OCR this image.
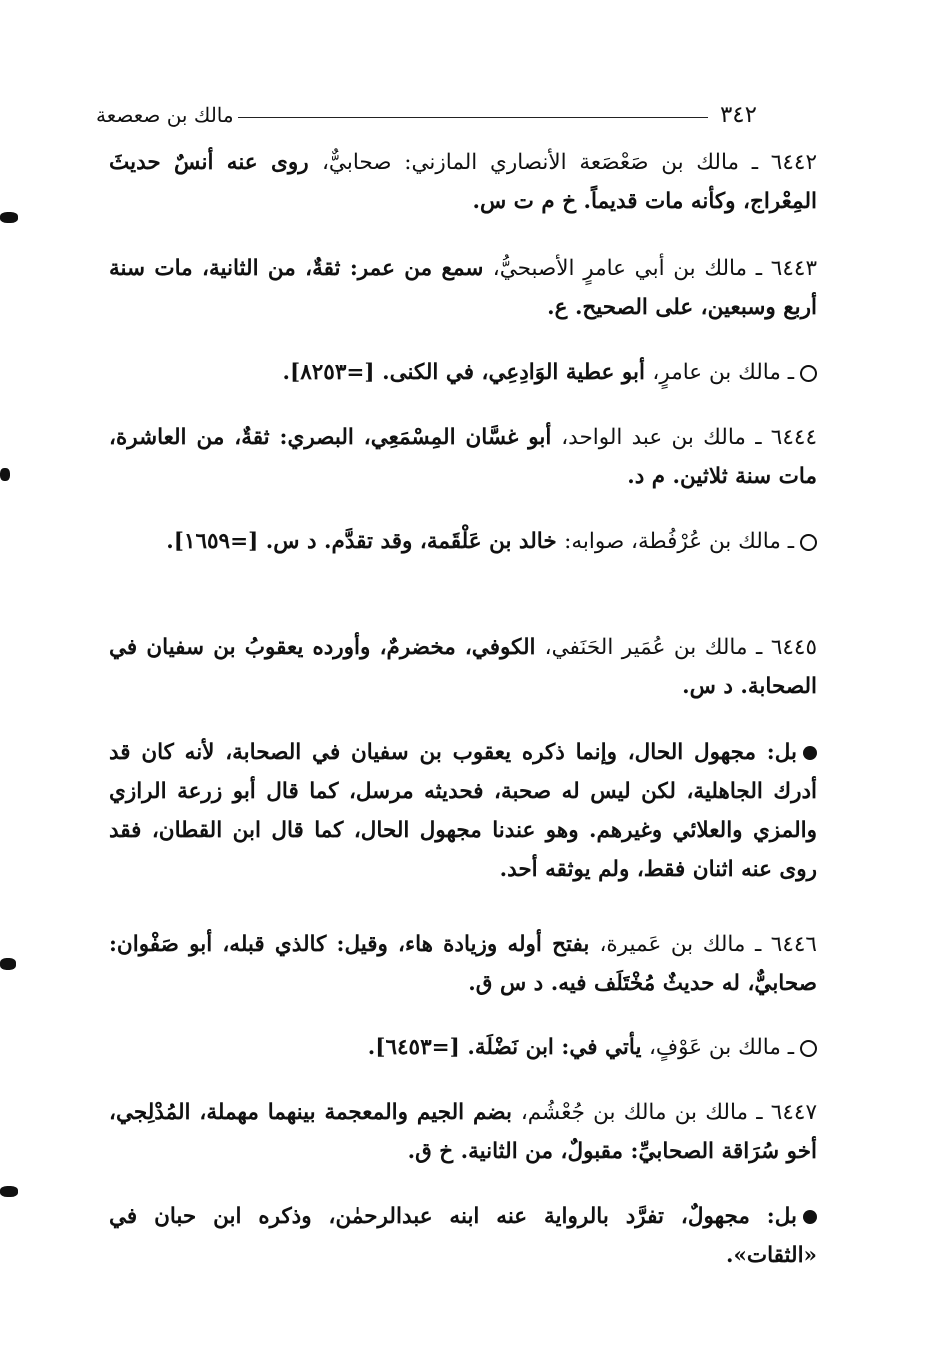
٣٤٢
مالك بن صعصعة
٦٤٤٢ ـ مالك بن صَعْصَعة الأنصاري المازني: صحابيٌّ، روى عنه أنسٌ حديثَ المِعْراج، وكأنه مات قديماً. خ م ت س.
٦٤٤٣ ـ مالك بن أبي عامرٍ الأصبحيُّ، سمع من عمر: ثقةٌ، من الثانية، مات سنة أربع وسبعين، على الصحيح. ع.
ـ مالك بن عامرٍ، أبو عطية الوَادِعِي، في الكنى. [=٨٢٥٣].
٦٤٤٤ ـ مالك بن عبد الواحد، أبو غسَّان المِسْمَعِي، البصري: ثقةٌ، من العاشرة، مات سنة ثلاثين. م د.
ـ مالك بن عُرْفُطة، صوابه: خالد بن عَلْقَمة، وقد تقدَّم. د س. [=١٦٥٩].
٦٤٤٥ ـ مالك بن عُمَير الحَنَفي، الكوفي، مخضرمٌ، وأورده يعقوبُ بن سفيان في الصحابة. د س.
بل: مجهول الحال، وإنما ذكره يعقوب بن سفيان في الصحابة، لأنه كان قد أدرك الجاهلية، لكن ليس له صحبة، فحديثه مرسل، كما قال أبو زرعة الرازي والمزي والعلائي وغيرهم. وهو عندنا مجهول الحال، كما قال ابن القطان، فقد روى عنه اثنان فقط، ولم يوثقه أحد.
٦٤٤٦ ـ مالك بن عَميرة، بفتح أوله وزيادة هاء، وقيل: كالذي قبله، أبو صَفْوان: صحابيٌّ، له حديثٌ مُخْتَلَف فيه. د س ق.
ـ مالك بن عَوْفٍ، يأتي في: ابن نَضْلَة. [=٦٤٥٣].
٦٤٤٧ ـ مالك بن مالك بن جُعْشُم، بضم الجيم والمعجمة بينهما مهملة، المُدْلِجي، أخو سُرَاقة الصحابيِّ: مقبولٌ، من الثانية. خ ق.
بل: مجهولٌ، تفرَّد بالرواية عنه ابنه عبدالرحمٰن، وذكره ابن حبان في «الثقات».
